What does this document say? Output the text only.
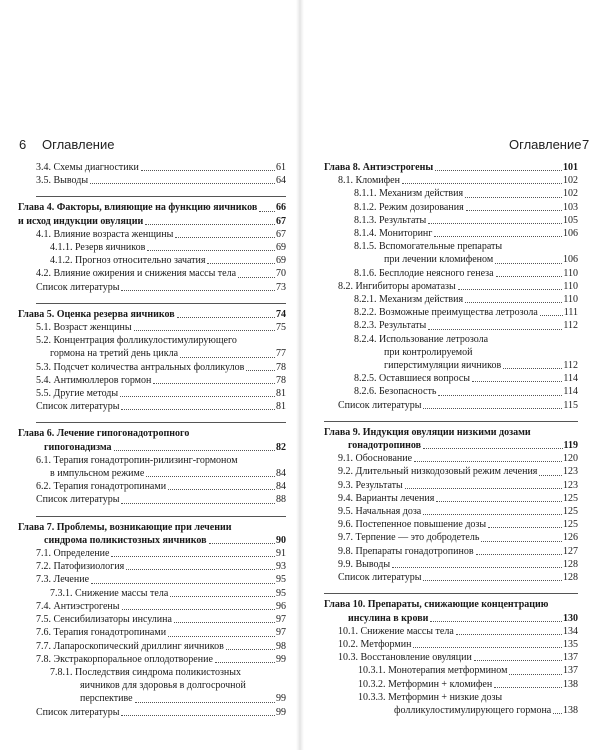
6 Оглавление
3.4. Схемы диагностики	61
3.5. Выводы	64
Глава 4. Факторы, влияющие на функцию яичников 66
и исход индукции овуляции	67
4.1. Влияние возраста женщины	67
4.1.1. Резерв яичников	69
4.1.2. Прогноз относительно зачатия	69
4.2. Влияние ожирения и снижения массы тела	70
Список литературы	73
Глава 5. Оценка резерва яичников	74
5.1. Возраст женщины	75
5.2. Концентрация фолликулостимулирующего
гормона на третий день цикла	77
5.3. Подсчет количества антральных фолликулов	78
5.4. Антимюллеров гормон	78
5.5. Другие методы	81
Список литературы	81
Глава 6. Лечение гипогонадотропного
гипогонадизма	82
6.1. Терапия гонадотропин-рилизинг-гормоном
в импульсном режиме	84
6.2. Терапия гонадотропинами	84
Список литературы	88
Глава 7. Проблемы, возникающие при лечении
синдрома поликистозных яичников	90
7.1. Определение	91
7.2. Патофизиология	93
7.3. Лечение	95
7.3.1. Снижение массы тела	95
7.4. Антиэстрогены	96
7.5. Сенсибилизаторы инсулина	97
7.6. Терапия гонадотропинами	97
7.7. Лапароскопический дриллинг яичников	98
7.8. Экстракорпоральное оплодотворение	99
7.8.1. Последствия синдрома поликистозных
яичников для здоровья в долгосрочной
перспективе	99
Список литературы	99
Оглавление 7
Глава 8. Антиэстрогены	101
8.1. Кломифен	102
8.1.1. Механизм действия	102
8.1.2. Режим дозирования	103
8.1.3. Результаты	105
8.1.4. Мониторинг	106
8.1.5. Вспомогательные препараты
при лечении кломифеном	106
8.1.6. Бесплодие неясного генеза	110
8.2. Ингибиторы ароматазы	110
8.2.1. Механизм действия	110
8.2.2. Возможные преимущества летрозола	111
8.2.3. Результаты	112
8.2.4. Использование летрозола
при контролируемой
гиперстимуляции яичников	112
8.2.5. Оставшиеся вопросы	114
8.2.6. Безопасность	114
Список литературы	115
Глава 9. Индукция овуляции низкими дозами
гонадотропинов	119
9.1. Обоснование	120
9.2. Длительный низкодозовый режим лечения	123
9.3. Результаты	123
9.4. Варианты лечения	125
9.5. Начальная доза	125
9.6. Постепенное повышение дозы	125
9.7. Терпение — это добродетель	126
9.8. Препараты гонадотропинов	127
9.9. Выводы	128
Список литературы	128
Глава 10. Препараты, снижающие концентрацию
инсулина в крови	130
10.1. Снижение массы тела	134
10.2. Метформин	135
10.3. Восстановление овуляции	137
10.3.1. Монотерапия метформином	137
10.3.2. Метформин + кломифен	138
10.3.3. Метформин + низкие дозы
фолликулостимулирующего гормона 138
